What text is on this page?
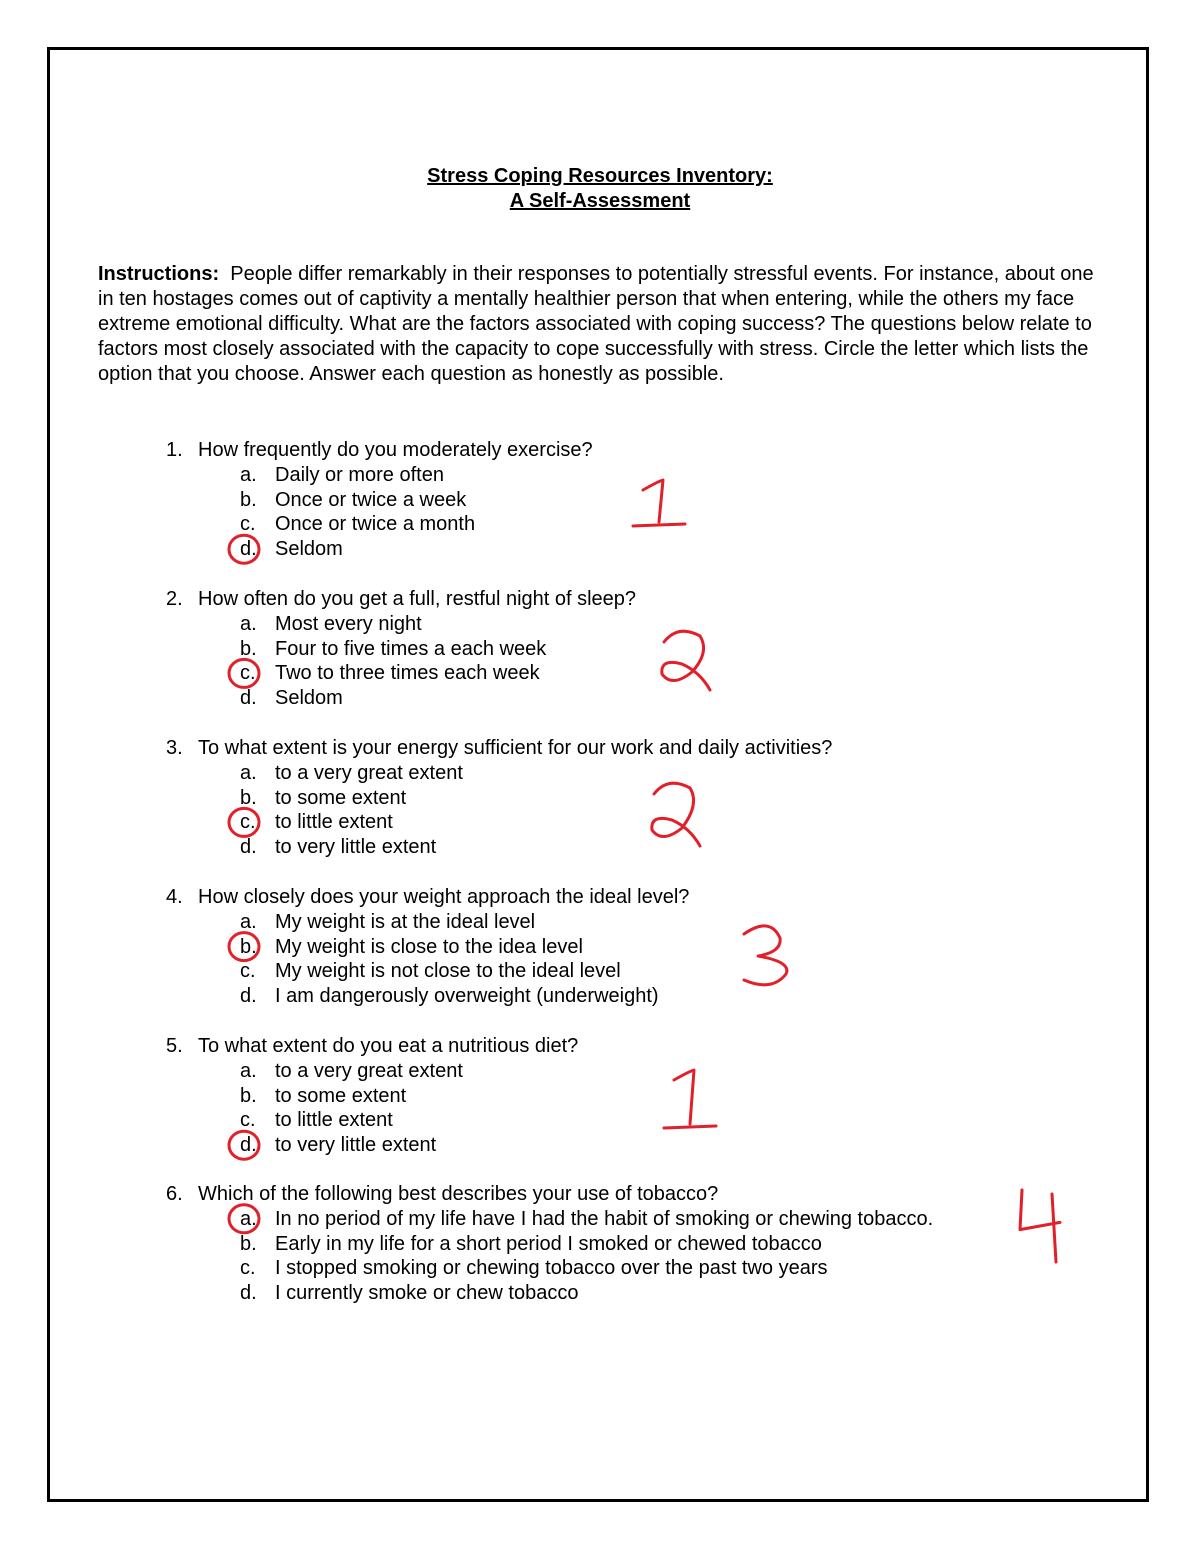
Stress Coping Resources Inventory:
A Self-Assessment
Instructions: People differ remarkably in their responses to potentially stressful events. For instance, about one in ten hostages comes out of captivity a mentally healthier person that when entering, while the others my face extreme emotional difficulty. What are the factors associated with coping success? The questions below relate to factors most closely associated with the capacity to cope successfully with stress. Circle the letter which lists the option that you choose. Answer each question as honestly as possible.
1. How frequently do you moderately exercise?
a. Daily or more often
b. Once or twice a week
c. Once or twice a month
d. Seldom
2. How often do you get a full, restful night of sleep?
a. Most every night
b. Four to five times a each week
c. Two to three times each week
d. Seldom
3. To what extent is your energy sufficient for our work and daily activities?
a. to a very great extent
b. to some extent
c. to little extent
d. to very little extent
4. How closely does your weight approach the ideal level?
a. My weight is at the ideal level
b. My weight is close to the idea level
c. My weight is not close to the ideal level
d. I am dangerously overweight (underweight)
5. To what extent do you eat a nutritious diet?
a. to a very great extent
b. to some extent
c. to little extent
d. to very little extent
6. Which of the following best describes your use of tobacco?
a. In no period of my life have I had the habit of smoking or chewing tobacco.
b. Early in my life for a short period I smoked or chewed tobacco
c. I stopped smoking or chewing tobacco over the past two years
d. I currently smoke or chew tobacco
